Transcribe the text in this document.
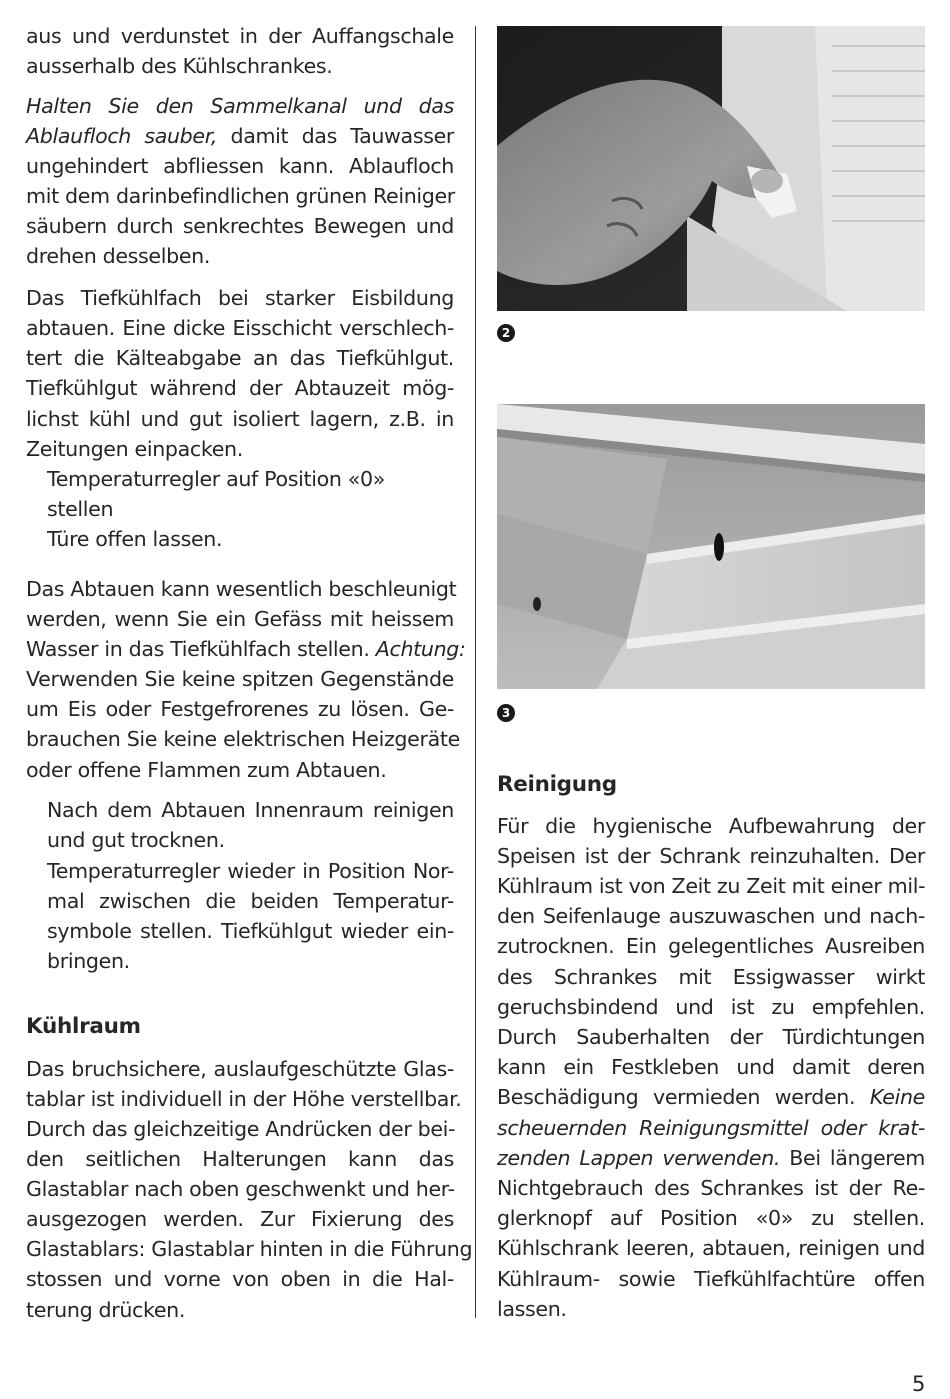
aus und verdunstet in der Auffangschale
ausserhalb des Kühlschrankes.
Halten Sie den Sammelkanal und das
Ablaufloch sauber, damit das Tauwasser
ungehindert abfliessen kann. Ablaufloch
mit dem darinbefindlichen grünen Reiniger
säubern durch senkrechtes Bewegen und
drehen desselben.
Das Tiefkühlfach bei starker Eisbildung
abtauen. Eine dicke Eisschicht verschlech-
tert die Kälteabgabe an das Tiefkühlgut.
Tiefkühlgut während der Abtauzeit mög-
lichst kühl und gut isoliert lagern, z.B. in
Zeitungen einpacken.
Temperaturregler auf Position «0»
stellen
Türe offen lassen.
Das Abtauen kann wesentlich beschleunigt
werden, wenn Sie ein Gefäss mit heissem
Wasser in das Tiefkühlfach stellen. Achtung:
Verwenden Sie keine spitzen Gegenstände
um Eis oder Festgefrorenes zu lösen. Ge-
brauchen Sie keine elektrischen Heizgeräte
oder offene Flammen zum Abtauen.
Nach dem Abtauen Innenraum reinigen
und gut trocknen.
Temperaturregler wieder in Position Nor-
mal zwischen die beiden Temperatur-
symbole stellen. Tiefkühlgut wieder ein-
bringen.
Kühlraum
Das bruchsichere, auslaufgeschützte Glas-
tablar ist individuell in der Höhe verstellbar.
Durch das gleichzeitige Andrücken der bei-
den seitlichen Halterungen kann das
Glastablar nach oben geschwenkt und her-
ausgezogen werden. Zur Fixierung des
Glastablars: Glastablar hinten in die Führung
stossen und vorne von oben in die Hal-
terung drücken.
2
3
Reinigung
Für die hygienische Aufbewahrung der
Speisen ist der Schrank reinzuhalten. Der
Kühlraum ist von Zeit zu Zeit mit einer mil-
den Seifenlauge auszuwaschen und nach-
zutrocknen. Ein gelegentliches Ausreiben
des Schrankes mit Essigwasser wirkt
geruchsbindend und ist zu empfehlen.
Durch Sauberhalten der Türdichtungen
kann ein Festkleben und damit deren
Beschädigung vermieden werden. Keine
scheuernden Reinigungsmittel oder krat-
zenden Lappen verwenden. Bei längerem
Nichtgebrauch des Schrankes ist der Re-
glerknopf auf Position «0» zu stellen.
Kühlschrank leeren, abtauen, reinigen und
Kühlraum- sowie Tiefkühlfachtüre offen
lassen.
5
